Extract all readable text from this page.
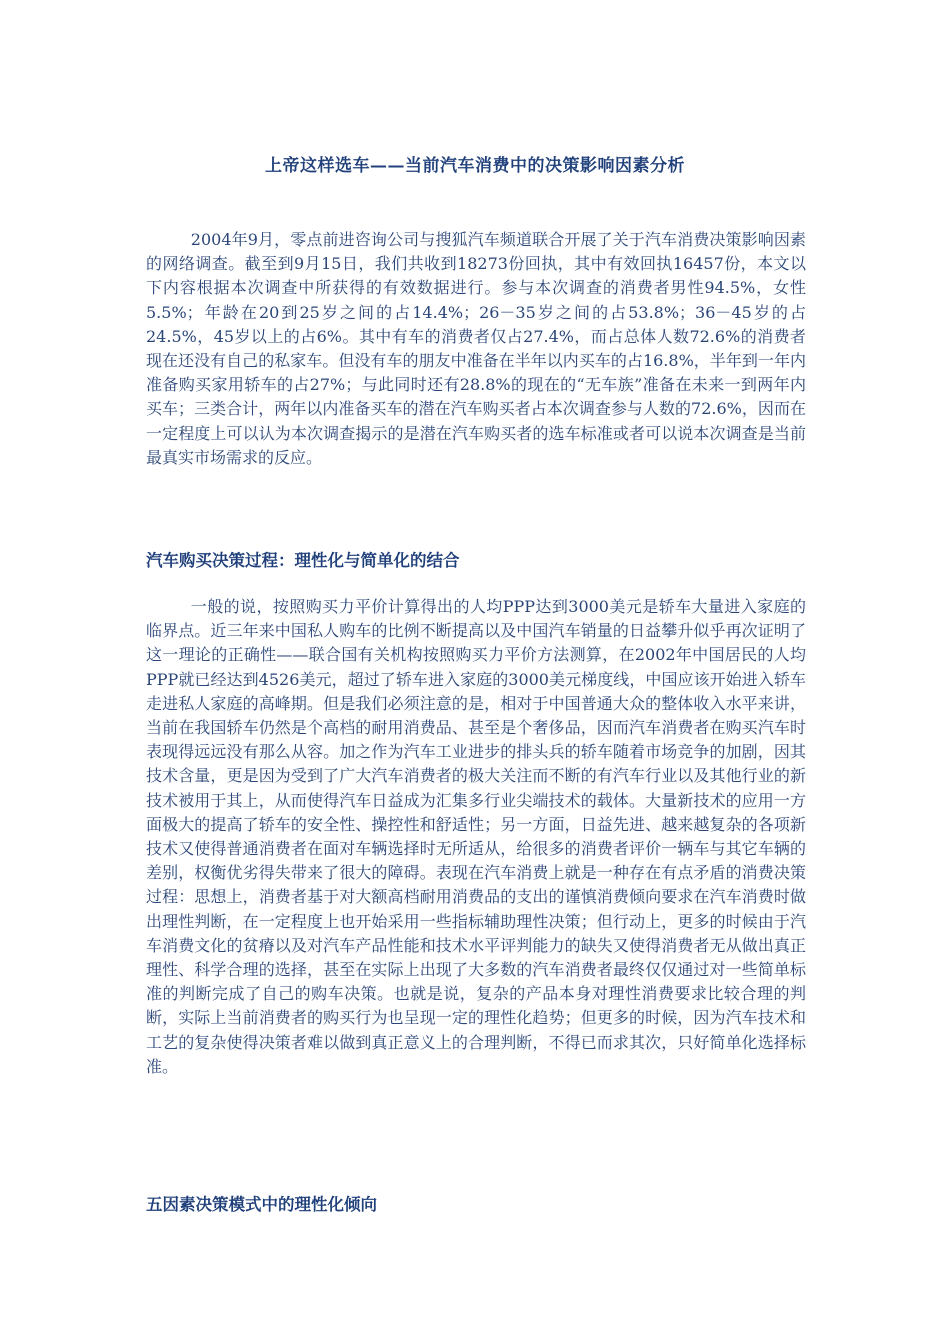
上帝这样选车——当前汽车消费中的决策影响因素分析

2004年9月，零点前进咨询公司与搜狐汽车频道联合开展了关于汽车消费决策影响因素的网络调查。截至到9月15日，我们共收到18273份回执，其中有效回执16457份，本文以下内容根据本次调查中所获得的有效数据进行。参与本次调查的消费者男性94.5%，女性5.5%；年龄在20到25岁之间的占14.4%；26－35岁之间的占53.8%；36－45岁的占24.5%，45岁以上的占6%。其中有车的消费者仅占27.4%，而占总体人数72.6%的消费者现在还没有自己的私家车。但没有车的朋友中准备在半年以内买车的占16.8%，半年到一年内准备购买家用轿车的占27%；与此同时还有28.8%的现在的“无车族”准备在未来一到两年内买车；三类合计，两年以内准备买车的潜在汽车购买者占本次调查参与人数的72.6%，因而在一定程度上可以认为本次调查揭示的是潜在汽车购买者的选车标准或者可以说本次调查是当前最真实市场需求的反应。

汽车购买决策过程：理性化与简单化的结合

一般的说，按照购买力平价计算得出的人均PPP达到3000美元是轿车大量进入家庭的临界点。近三年来中国私人购车的比例不断提高以及中国汽车销量的日益攀升似乎再次证明了这一理论的正确性——联合国有关机构按照购买力平价方法测算，在2002年中国居民的人均PPP就已经达到4526美元，超过了轿车进入家庭的3000美元梯度线，中国应该开始进入轿车走进私人家庭的高峰期。但是我们必须注意的是，相对于中国普通大众的整体收入水平来讲，当前在我国轿车仍然是个高档的耐用消费品、甚至是个奢侈品，因而汽车消费者在购买汽车时表现得远远没有那么从容。加之作为汽车工业进步的排头兵的轿车随着市场竞争的加剧，因其技术含量，更是因为受到了广大汽车消费者的极大关注而不断的有汽车行业以及其他行业的新技术被用于其上，从而使得汽车日益成为汇集多行业尖端技术的载体。大量新技术的应用一方面极大的提高了轿车的安全性、操控性和舒适性；另一方面，日益先进、越来越复杂的各项新技术又使得普通消费者在面对车辆选择时无所适从，给很多的消费者评价一辆车与其它车辆的差别，权衡优劣得失带来了很大的障碍。表现在汽车消费上就是一种存在有点矛盾的消费决策过程：思想上，消费者基于对大额高档耐用消费品的支出的谨慎消费倾向要求在汽车消费时做出理性判断，在一定程度上也开始采用一些指标辅助理性决策；但行动上，更多的时候由于汽车消费文化的贫瘠以及对汽车产品性能和技术水平评判能力的缺失又使得消费者无从做出真正理性、科学合理的选择，甚至在实际上出现了大多数的汽车消费者最终仅仅通过对一些简单标准的判断完成了自己的购车决策。也就是说，复杂的产品本身对理性消费要求比较合理的判断，实际上当前消费者的购买行为也呈现一定的理性化趋势；但更多的时候，因为汽车技术和工艺的复杂使得决策者难以做到真正意义上的合理判断，不得已而求其次，只好简单化选择标准。

五因素决策模式中的理性化倾向
